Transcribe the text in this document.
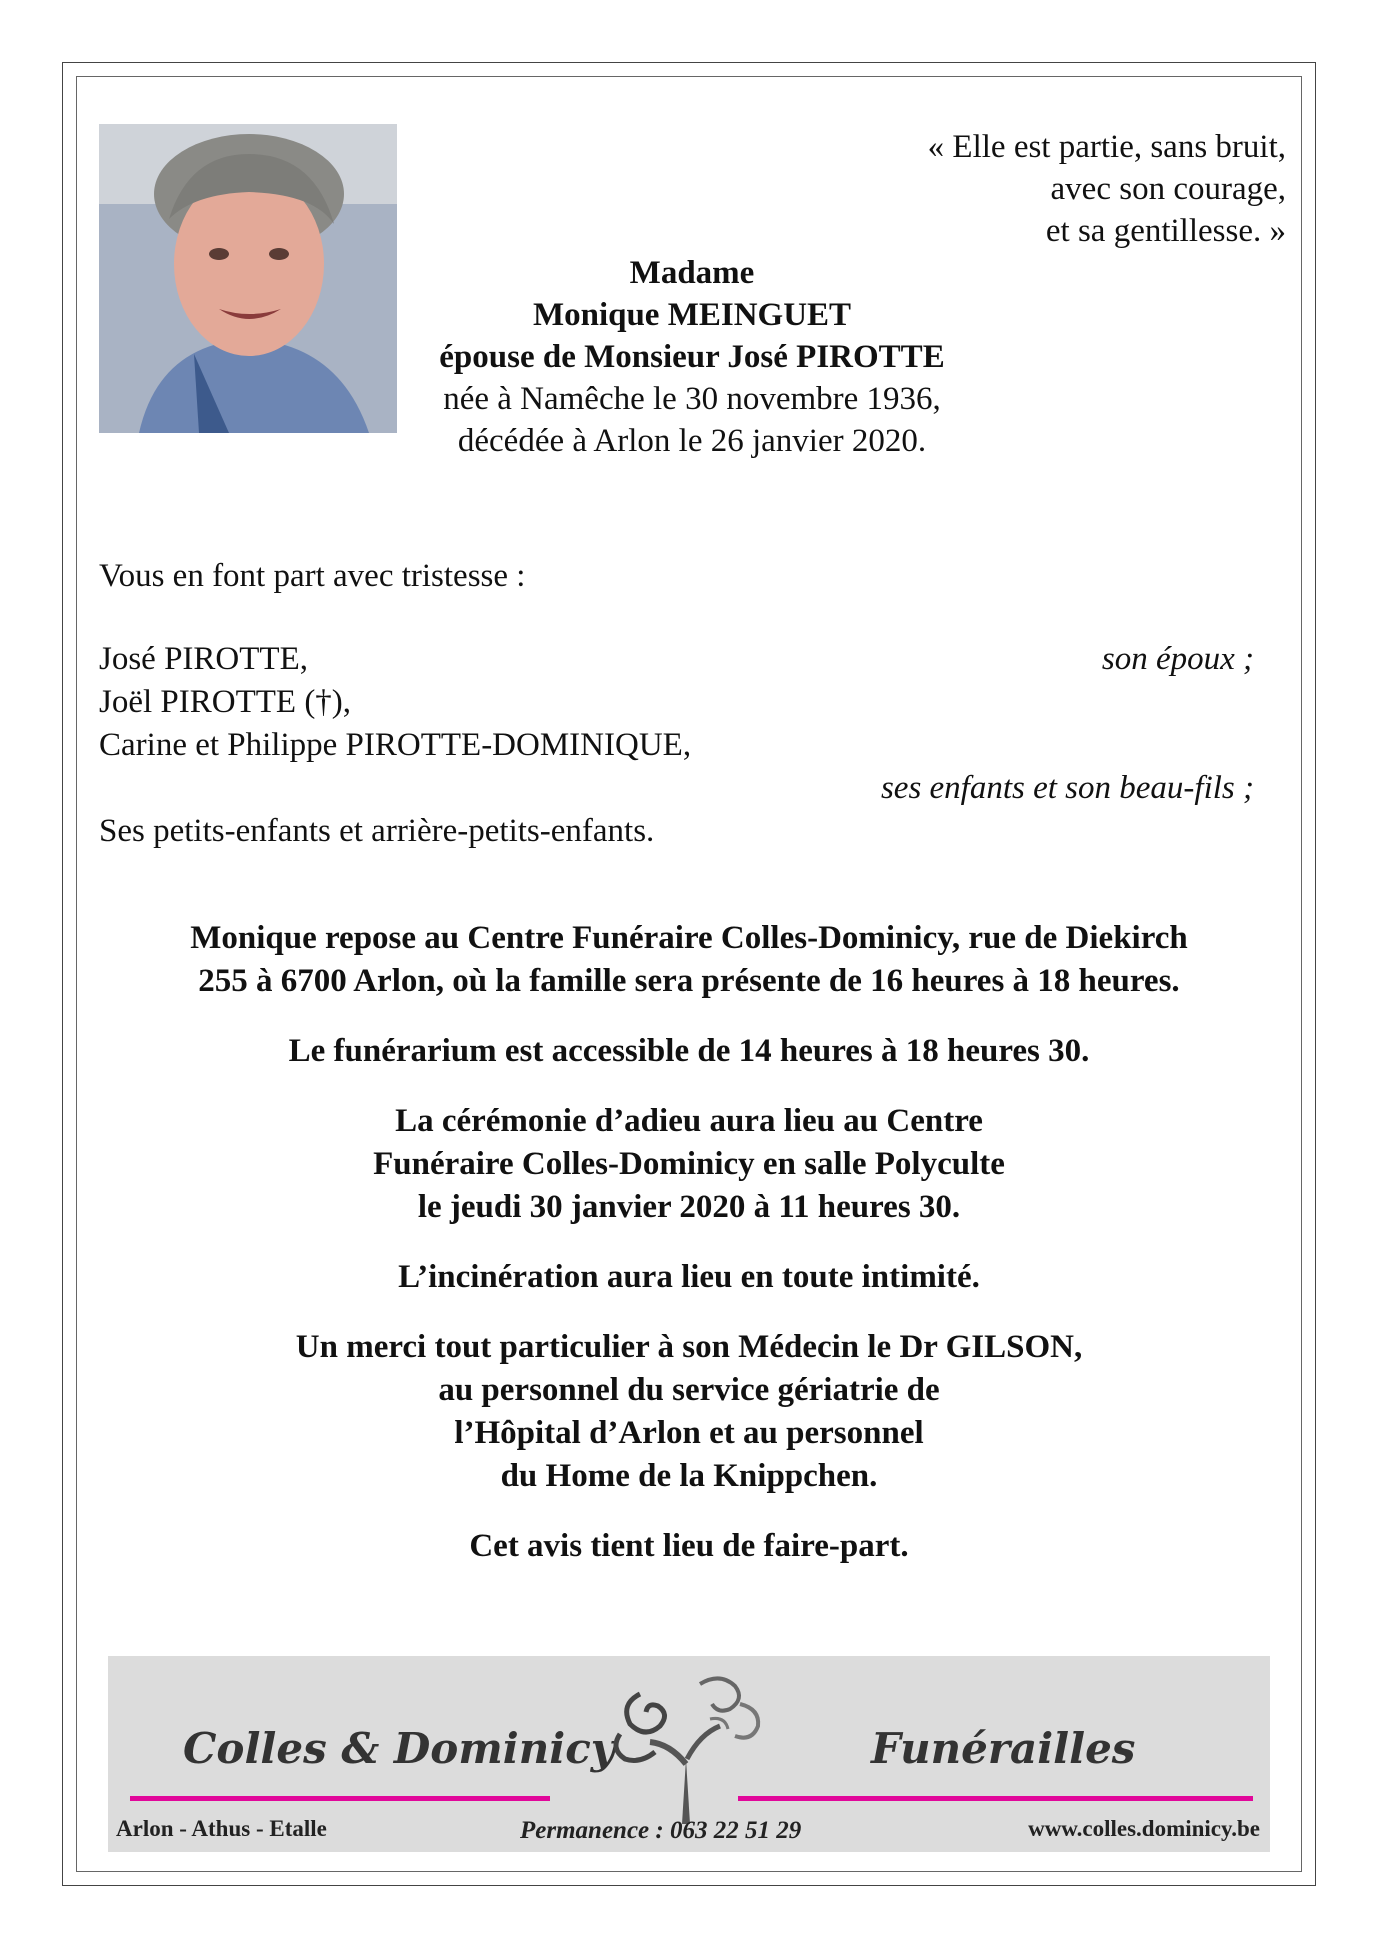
« Elle est partie, sans bruit,
avec son courage,
et sa gentillesse. »
Madame
Monique MEINGUET
épouse de Monsieur José PIROTTE
née à Namêche le 30 novembre 1936,
décédée à Arlon le 26 janvier 2020.
Vous en font part avec tristesse :
José PIROTTE,	son époux ;
Joël PIROTTE (†),
Carine et Philippe PIROTTE-DOMINIQUE,
ses enfants et son beau-fils ;
Ses petits-enfants et arrière-petits-enfants.

Monique repose au Centre Funéraire Colles-Dominicy, rue de Diekirch
255 à 6700 Arlon, où la famille sera présente de 16 heures à 18 heures.

Le funérarium est accessible de 14 heures à 18 heures 30.

La cérémonie d’adieu aura lieu au Centre
Funéraire Colles-Dominicy en salle Polyculte
le jeudi 30 janvier 2020 à 11 heures 30.

L’incinération aura lieu en toute intimité.

Un merci tout particulier à son Médecin le Dr GILSON,
au personnel du service gériatrie de
l’Hôpital d’Arlon et au personnel
du Home de la Knippchen.

Cet avis tient lieu de faire-part.

Colles & Dominicy	Funérailles
Arlon - Athus - Etalle	Permanence : 063 22 51 29	www.colles.dominicy.be
